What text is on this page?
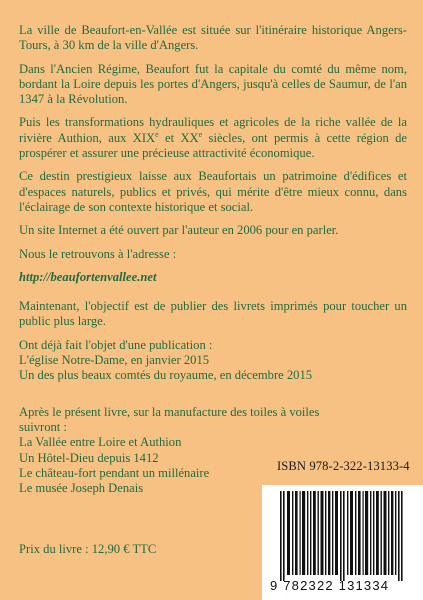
La ville de Beaufort-en-Vallée est située sur l'itinéraire historique Angers-Tours, à 30 km de la ville d'Angers.
Dans l'Ancien Régime, Beaufort fut la capitale du comté du même nom, bordant la Loire depuis les portes d'Angers, jusqu'à celles de Saumur, de l'an 1347 à la Révolution.
Puis les transformations hydrauliques et agricoles de la riche vallée de la rivière Authion, aux XIXe et XXe siècles, ont permis à cette région de prospérer et assurer une précieuse attractivité économique.
Ce destin prestigieux laisse aux Beaufortais un patrimoine d'édifices et d'espaces naturels, publics et privés, qui mérite d'être mieux connu, dans l'éclairage de son contexte historique et social.
Un site Internet a été ouvert par l'auteur en 2006 pour en parler.
Nous le retrouvons à l'adresse :
http://beaufortenvallee.net
Maintenant, l'objectif est de publier des livrets imprimés pour toucher un public plus large.
Ont déjà fait l'objet d'une publication :
L'église Notre-Dame, en janvier 2015
Un des plus beaux comtés du royaume, en décembre 2015
Après le présent livre, sur la manufacture des toiles à voiles
suivront :
La Vallée entre Loire et Authion
Un Hôtel-Dieu depuis 1412
Le château-fort pendant un millénaire
Le musée Joseph Denais
ISBN 978-2-322-13133-4
Prix du livre : 12,90 € TTC
9 782322 131334
